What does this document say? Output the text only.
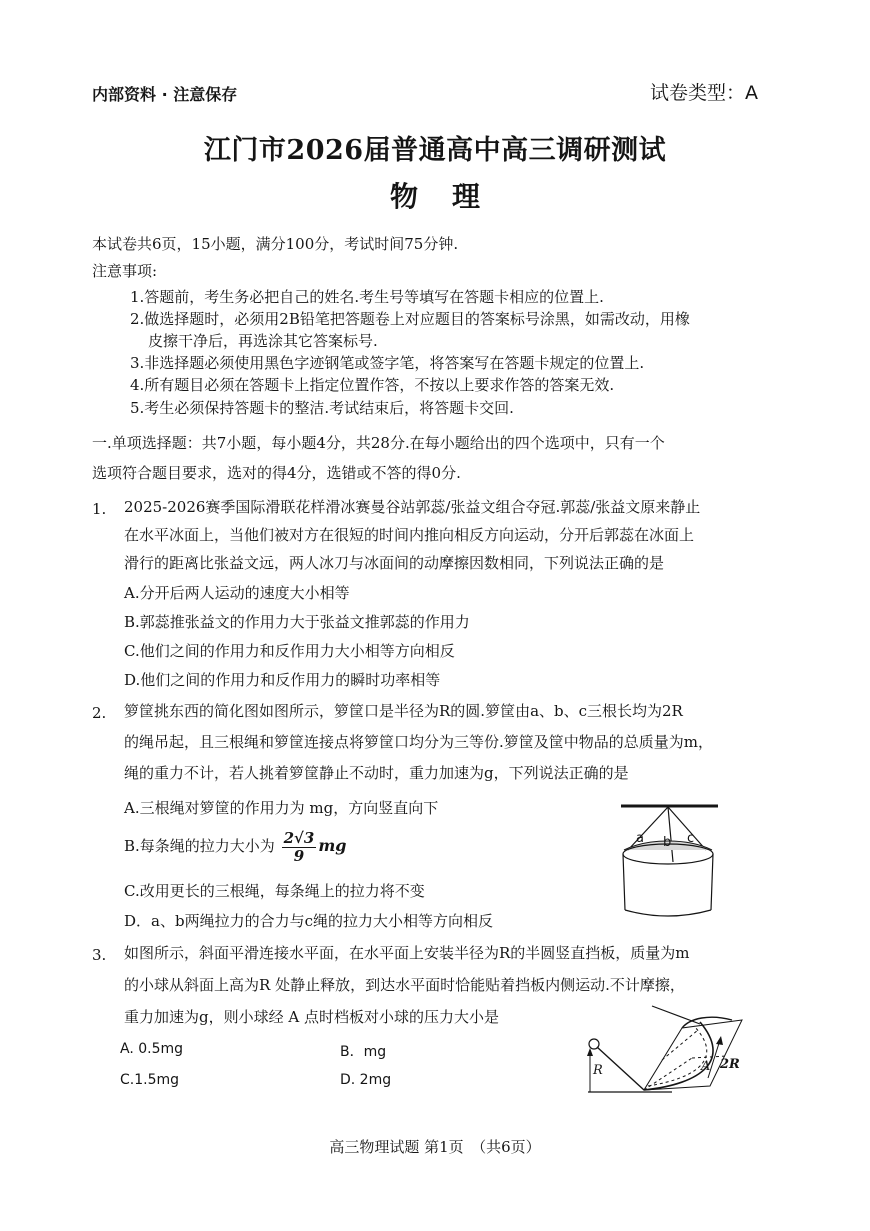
内部资料 · 注意保存	试卷类型：A
江门市2026届普通高中高三调研测试
物理
本试卷共6页，15小题，满分100分，考试时间75分钟.
注意事项:
1.答题前，考生务必把自己的姓名.考生号等填写在答题卡相应的位置上.
2.做选择题时，必须用2B铅笔把答题卷上对应题目的答案标号涂黑，如需改动，用橡
皮擦干净后，再选涂其它答案标号.
3.非选择题必须使用黑色字迹钢笔或签字笔，将答案写在答题卡规定的位置上.
4.所有题目必须在答题卡上指定位置作答，不按以上要求作答的答案无效.
5.考生必须保持答题卡的整洁.考试结束后，将答题卡交回.
一.单项选择题：共7小题，每小题4分，共28分.在每小题给出的四个选项中，只有一个
选项符合题目要求，选对的得4分，选错或不答的得0分.
1. 2025-2026赛季国际滑联花样滑冰赛曼谷站郭蕊/张益文组合夺冠.郭蕊/张益文原来静止
在水平冰面上，当他们被对方在很短的时间内推向相反方向运动，分开后郭蕊在冰面上
滑行的距离比张益文远，两人冰刀与冰面间的动摩擦因数相同，下列说法正确的是
A.分开后两人运动的速度大小相等
B.郭蕊推张益文的作用力大于张益文推郭蕊的作用力
C.他们之间的作用力和反作用力大小相等方向相反
D.他们之间的作用力和反作用力的瞬时功率相等
2. 箩筐挑东西的简化图如图所示，箩筐口是半径为R的圆.箩筐由a、b、c三根长均为2R
的绳吊起，且三根绳和箩筐连接点将箩筐口均分为三等份.箩筐及筐中物品的总质量为m，
绳的重力不计，若人挑着箩筐静止不动时，重力加速为g，下列说法正确的是
A.三根绳对箩筐的作用力为 mg，方向竖直向下
B.每条绳的拉力大小为 $\frac{2√3}{9}$ mg
C.改用更长的三根绳，每条绳上的拉力将不变
D．a、b两绳拉力的合力与c绳的拉力大小相等方向相反
a b c
3. 如图所示，斜面平滑连接水平面，在水平面上安装半径为R的半圆竖直挡板，质量为m
的小球从斜面上高为R 处静止释放，到达水平面时恰能贴着挡板内侧运动.不计摩擦，
重力加速为g，则小球经 A 点时档板对小球的压力大小是
A. 0.5mg	B．mg
C.1.5mg	D. 2mg
R	A 2R
高三物理试题 第1页　（共6页）
